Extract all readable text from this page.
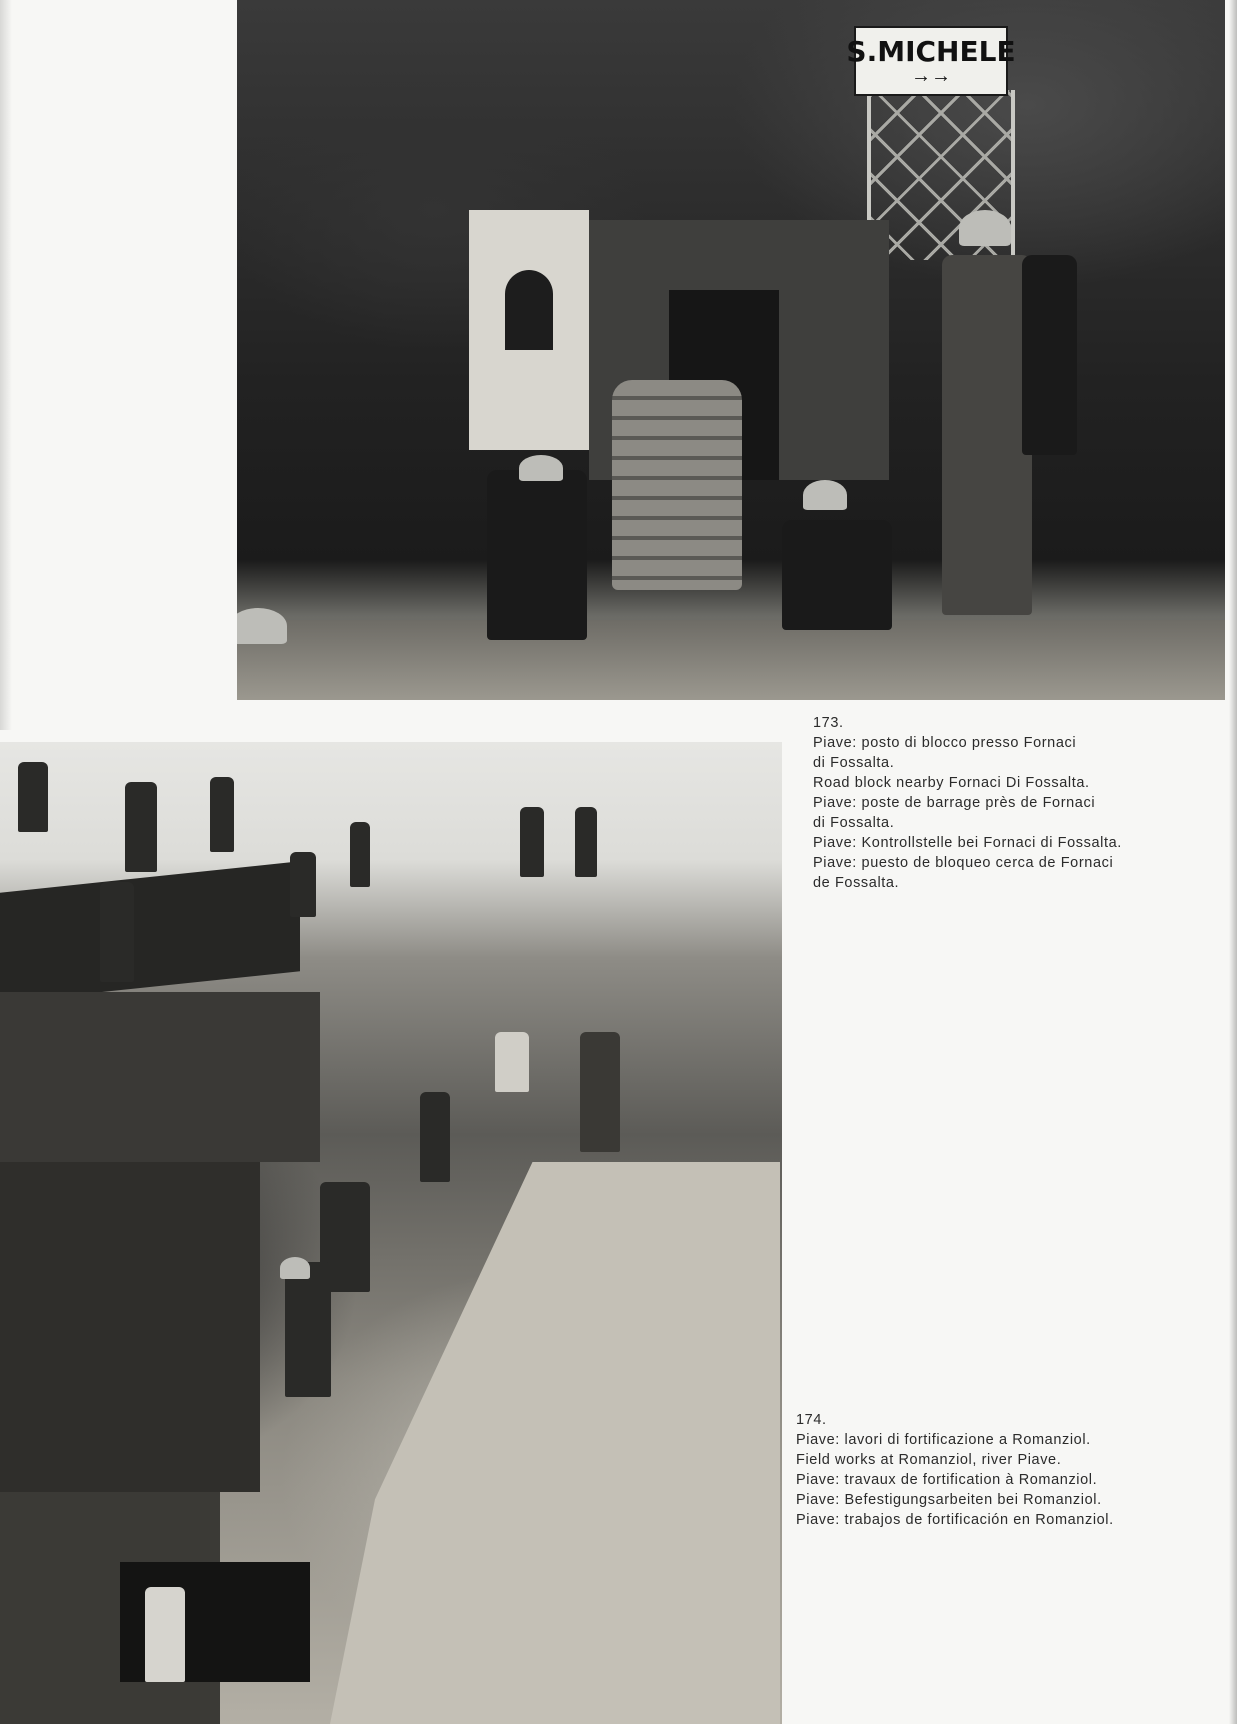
S.MICHELE
→→

173.

Piave: posto di blocco presso Fornaci

di Fossalta.

Road block nearby Fornaci Di Fossalta.

Piave: poste de barrage près de Fornaci

di Fossalta.

Piave: Kontrollstelle bei Fornaci di Fossalta.

Piave: puesto de bloqueo cerca de Fornaci

de Fossalta.

174.

Piave: lavori di fortificazione a Romanziol.

Field works at Romanziol, river Piave.

Piave: travaux de fortification à Romanziol.

Piave: Befestigungsarbeiten bei Romanziol.

Piave: trabajos de fortificación en Romanziol.
